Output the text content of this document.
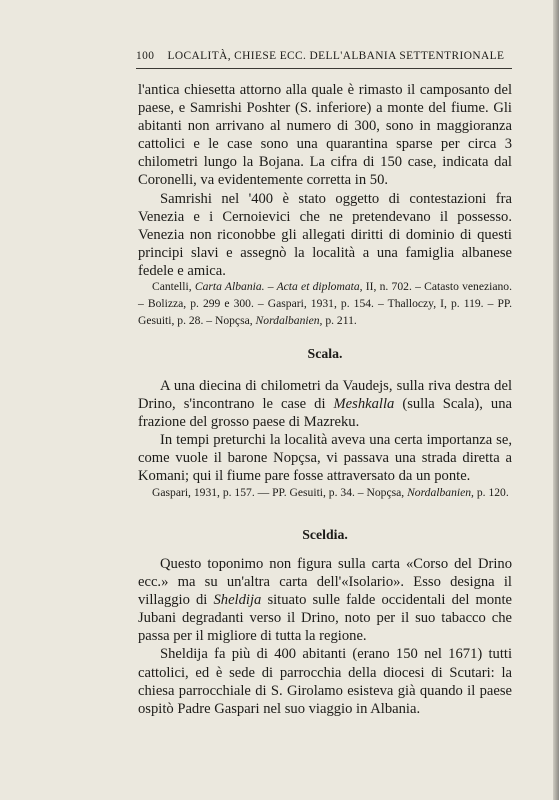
100 LOCALITÀ, CHIESE ECC. DELL'ALBANIA SETTENTRIONALE

l'antica chiesetta attorno alla quale è rimasto il camposanto del paese, e Samrishi Poshter (S. inferiore) a monte del fiume. Gli abitanti non arrivano al numero di 300, sono in maggioranza cattolici e le case sono una quarantina sparse per circa 3 chilometri lungo la Bojana. La cifra di 150 case, indicata dal Coronelli, va evidentemente corretta in 50.

Samrishi nel '400 è stato oggetto di contestazioni fra Venezia e i Cernoievici che ne pretendevano il possesso. Venezia non riconobbe gli allegati diritti di dominio di questi principi slavi e assegnò la località a una famiglia albanese fedele e amica.

Cantelli, Carta Albania. – Acta et diplomata, II, n. 702. – Catasto veneziano. – Bolizza, p. 299 e 300. – Gaspari, 1931, p. 154. – Thalloczy, I, p. 119. – PP. Gesuiti, p. 28. – Nopçsa, Nordalbanien, p. 211.

Scala.

A una diecina di chilometri da Vaudejs, sulla riva destra del Drino, s'incontrano le case di Meshkalla (sulla Scala), una frazione del grosso paese di Mazreku.

In tempi preturchi la località aveva una certa importanza se, come vuole il barone Nopçsa, vi passava una strada diretta a Komani; qui il fiume pare fosse attraversato da un ponte.

Gaspari, 1931, p. 157. — PP. Gesuiti, p. 34. – Nopçsa, Nordalbanien, p. 120.

Sceldia.

Questo toponimo non figura sulla carta «Corso del Drino ecc.» ma su un'altra carta dell'«Isolario». Esso designa il villaggio di Sheldija situato sulle falde occidentali del monte Jubani degradanti verso il Drino, noto per il suo tabacco che passa per il migliore di tutta la regione.

Sheldija fa più di 400 abitanti (erano 150 nel 1671) tutti cattolici, ed è sede di parrocchia della diocesi di Scutari: la chiesa parrocchiale di S. Girolamo esisteva già quando il paese ospitò Padre Gaspari nel suo viaggio in Albania.
